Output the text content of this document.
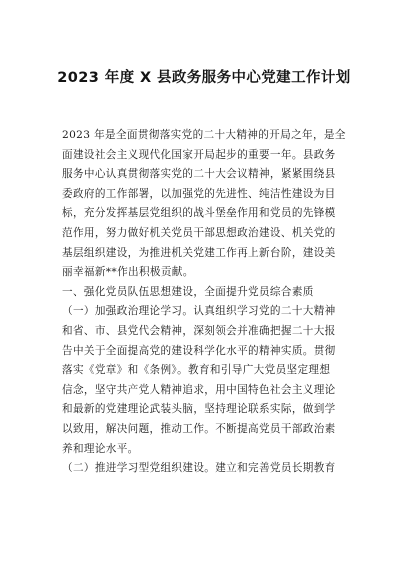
2023 年度 X 县政务服务中心党建工作计划
2023 年是全面贯彻落实党的二十大精神的开局之年，是全
面建设社会主义现代化国家开局起步的重要一年。县政务
服务中心认真贯彻落实党的二十大会议精神，紧紧围绕县
委政府的工作部署，以加强党的先进性、纯洁性建设为目
标，充分发挥基层党组织的战斗堡垒作用和党员的先锋模
范作用，努力做好机关党员干部思想政治建设、机关党的
基层组织建设，为推进机关党建工作再上新台阶，建设美
丽幸福新**作出积极贡献。
一、强化党员队伍思想建设，全面提升党员综合素质
（一）加强政治理论学习。认真组织学习党的二十大精神
和省、市、县党代会精神，深刻领会并准确把握二十大报
告中关于全面提高党的建设科学化水平的精神实质。贯彻
落实《党章》和《条例》。教育和引导广大党员坚定理想
信念，坚守共产党人精神追求，用中国特色社会主义理论
和最新的党建理论武装头脑，坚持理论联系实际，做到学
以致用，解决问题，推动工作。不断提高党员干部政治素
养和理论水平。
（二）推进学习型党组织建设。建立和完善党员长期教育
